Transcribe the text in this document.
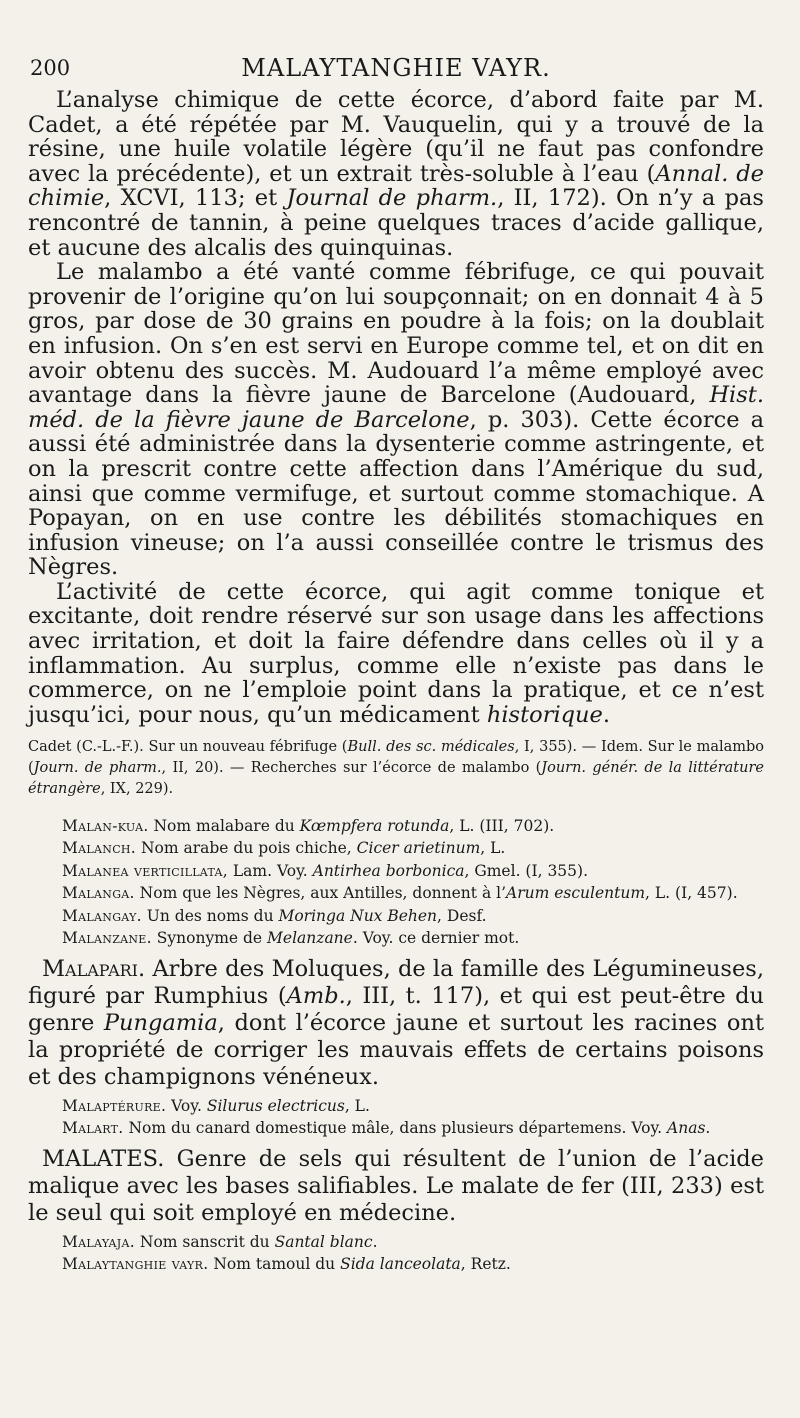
200	MALAYTANGHIE VAYR.

L’analyse chimique de cette écorce, d’abord faite par M. Cadet, a été répétée par M. Vauquelin, qui y a trouvé de la résine, une huile volatile légère (qu’il ne faut pas confondre avec la précédente), et un extrait très-soluble à l’eau (Annal. de chimie, XCVI, 113; et Journal de pharm., II, 172). On n’y a pas rencontré de tannin, à peine quelques traces d’acide gallique, et aucune des alcalis des quinquinas.

Le malambo a été vanté comme fébrifuge, ce qui pouvait provenir de l’origine qu’on lui soupçonnait; on en donnait 4 à 5 gros, par dose de 30 grains en poudre à la fois; on la doublait en infusion. On s’en est servi en Europe comme tel, et on dit en avoir obtenu des succès. M. Audouard l’a même employé avec avantage dans la fièvre jaune de Barcelone (Audouard, Hist. méd. de la fièvre jaune de Barcelone, p. 303). Cette écorce a aussi été administrée dans la dysenterie comme astringente, et on la prescrit contre cette affection dans l’Amérique du sud, ainsi que comme vermifuge, et surtout comme stomachique. A Popayan, on en use contre les débilités stomachiques en infusion vineuse; on l’a aussi conseillée contre le trismus des Nègres.

L’activité de cette écorce, qui agit comme tonique et excitante, doit rendre réservé sur son usage dans les affections avec irritation, et doit la faire défendre dans celles où il y a inflammation. Au surplus, comme elle n’existe pas dans le commerce, on ne l’emploie point dans la pratique, et ce n’est jusqu’ici, pour nous, qu’un médicament historique.

Cadet (C.-L.-F.). Sur un nouveau fébrifuge (Bull. des sc. médicales, I, 355). — Idem. Sur le malambo (Journ. de pharm., II, 20). — Recherches sur l’écorce de malambo (Journ. génér. de la littérature étrangère, IX, 229).

Malan-kua. Nom malabare du Kœmpfera rotunda, L. (III, 702).

Malanch. Nom arabe du pois chiche, Cicer arietinum, L.

Malanea verticillata, Lam. Voy. Antirhea borbonica, Gmel. (I, 355).

Malanga. Nom que les Nègres, aux Antilles, donnent à l’Arum esculentum, L. (I, 457).

Malangay. Un des noms du Moringa Nux Behen, Desf.

Malanzane. Synonyme de Melanzane. Voy. ce dernier mot.

Malapari. Arbre des Moluques, de la famille des Légumineuses, figuré par Rumphius (Amb., III, t. 117), et qui est peut-être du genre Pungamia, dont l’écorce jaune et surtout les racines ont la propriété de corriger les mauvais effets de certains poisons et des champignons vénéneux.

Malaptérure. Voy. Silurus electricus, L.

Malart. Nom du canard domestique mâle, dans plusieurs départemens. Voy. Anas.

MALATES. Genre de sels qui résultent de l’union de l’acide malique avec les bases salifiables. Le malate de fer (III, 233) est le seul qui soit employé en médecine.

Malayaja. Nom sanscrit du Santal blanc.

Malaytanghie vayr. Nom tamoul du Sida lanceolata, Retz.
